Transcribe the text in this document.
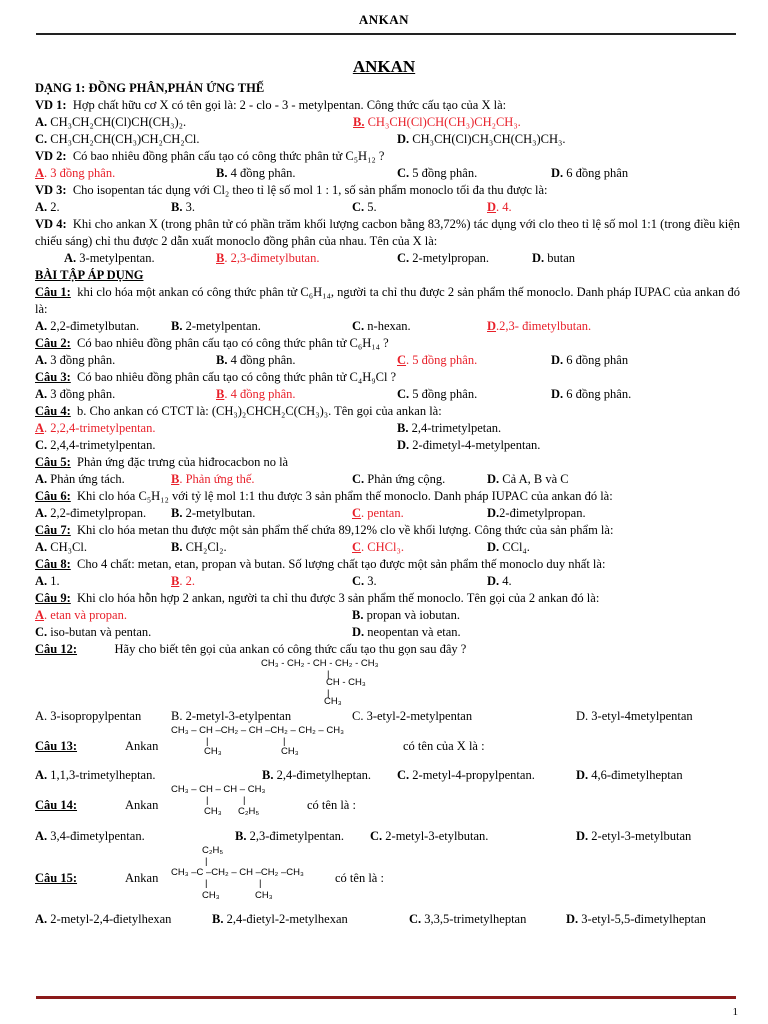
ANKAN
ANKAN
DẠNG 1: ĐỒNG PHÂN,PHẢN ỨNG THẾ
VD 1: Hợp chất hữu cơ X có tên gọi là: 2 - clo - 3 - metylpentan. Công thức cấu tạo của X là:
A. CH₃CH₂CH(Cl)CH(CH₃)₂.	B. CH₃CH(Cl)CH(CH₃)CH₂CH₃.
C. CH₃CH₂CH(CH₃)CH₂CH₂Cl.	D. CH₃CH(Cl)CH₃CH(CH₃)CH₃.
VD 2: Có bao nhiêu đồng phân cấu tạo có công thức phân tử C₅H₁₂ ?
A. 3 đồng phân.	B. 4 đồng phân.	C. 5 đồng phân.	D. 6 đồng phân
VD 3: Cho isopentan tác dụng với Cl₂ theo tỉ lệ số mol 1 : 1, số sản phẩm monoclo tối đa thu được là:
A. 2.	B. 3.	C. 5.	D. 4.
VD 4: Khi cho ankan X (trong phân tử có phần trăm khối lượng cacbon bằng 83,72%) tác dụng với clo theo tỉ lệ số mol 1:1 (trong điều kiện chiếu sáng) chỉ thu được 2 dẫn xuất monoclo đồng phân của nhau. Tên của X là:
A. 3-metylpentan.	B. 2,3-đimetylbutan.	C. 2-metylpropan.	D. butan
BÀI TẬP ÁP DỤNG
Câu 1: khi clo hóa một ankan có công thức phân tử C₆H₁₄, người ta chỉ thu được 2 sản phẩm thế monoclo. Danh pháp IUPAC của ankan đó là:
A. 2,2-đimetylbutan.	B. 2-metylpentan.	C. n-hexan.	D.2,3- đimetylbutan.
Câu 2: Có bao nhiêu đồng phân cấu tạo có công thức phân tử C₆H₁₄ ?
A. 3 đồng phân.	B. 4 đồng phân.	C. 5 đồng phân.	D. 6 đồng phân
Câu 3: Có bao nhiêu đồng phân cấu tạo có công thức phân tử C₄H₉Cl ?
A. 3 đồng phân.	B. 4 đồng phân.	C. 5 đồng phân.	D. 6 đồng phân.
Câu 4: b. Cho ankan có CTCT là: (CH₃)₂CHCH₂C(CH₃)₃. Tên gọi của ankan là:
A. 2,2,4-trimetylpentan.	B. 2,4-trimetylpetan.
C. 2,4,4-trimetylpentan.	D. 2-đimetyl-4-metylpentan.
Câu 5: Phản ứng đặc trưng của hiđrocacbon no là
A. Phản ứng tách.	B. Phản ứng thế.	C. Phản ứng cộng.	D. Cả A, B và C
Câu 6: Khi clo hóa C₅H₁₂ với tỷ lệ mol 1:1 thu được 3 sản phẩm thế monoclo. Danh pháp IUPAC của ankan đó là:
A. 2,2-đimetylpropan. B. 2-metylbutan.	C. pentan.	D.2-đimetylpropan.
Câu 7: Khi clo hóa metan thu được một sản phẩm thế chứa 89,12% clo về khối lượng. Công thức của sản phẩm là:
A. CH₃Cl.	B. CH₂Cl₂.	C. CHCl₃.	D. CCl₄.
Câu 8: Cho 4 chất: metan, etan, propan và butan. Số lượng chất tạo được một sản phẩm thế monoclo duy nhất là:
A. 1.	B. 2.	C. 3.	D. 4.
Câu 9: Khi clo hóa hỗn hợp 2 ankan, người ta chỉ thu được 3 sản phẩm thế monoclo. Tên gọi của 2 ankan đó là:
A. etan và propan.	B. propan và iobutan.
C. iso-butan và pentan.	D. neopentan và etan.
Câu 12:	Hãy cho biết tên gọi của ankan có công thức cấu tạo thu gọn sau đây ?
CH₃ - CH₂ - CH - CH₂ - CH₃
|
CH - CH₃
|
CH₃
A. 3-isopropylpentan B. 2-metyl-3-etylpentan	C. 3-etyl-2-metylpentan	D. 3-etyl-4metylpentan
Câu 13:	Ankan
CH₃ – CH –CH₂ – CH –CH₂ – CH₂ – CH₃
|
CH₃
|
CH₃	có tên của X là :
A. 1,1,3-trimetylheptan.	B. 2,4-đimetylheptan. C. 2-metyl-4-propylpentan.	D. 4,6-đimetylheptan
Câu 14:	Ankan
CH₃ – CH – CH – CH₃
|
CH₃
|
C₂H₅	có tên là :
A. 3,4-đimetylpentan.	B. 2,3-đimetylpentan. C. 2-metyl-3-etylbutan.	D. 2-etyl-3-metylbutan
Câu 15:	Ankan
C₂H₅
|
CH₃ –C –CH₂ – CH –CH₂ –CH₃
|
CH₃
|
CH₃
có tên là :
A. 2-metyl-2,4-đietylhexan	B. 2,4-đietyl-2-metylhexan	C. 3,3,5-trimetylheptan	D. 3-etyl-5,5-đimetylheptan
1
